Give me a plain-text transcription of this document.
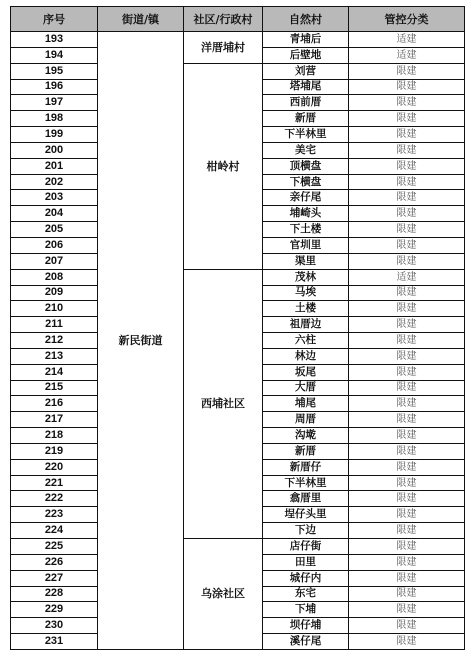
序号	街道/镇	社区/行政村	自然村	管控分类
193	新民街道	洋厝埔村	青埔后	适建
194			后壁地	适建
195		柑岭村	刘营	限建
196			塔埔尾	限建
197			西前厝	限建
198			新厝	限建
199			下半林里	限建
200			美宅	限建
201			顶横盘	限建
202			下横盘	限建
203			亲仔尾	限建
204			埔崎头	限建
205			下土楼	限建
206			官圳里	限建
207			渠里	限建
208		西埔社区	茂林	适建
209			马埃	限建
210			土楼	限建
211			祖厝边	限建
212			六柱	限建
213			林边	限建
214			坂尾	限建
215			大厝	限建
216			埔尾	限建
217			周厝	限建
218			沟墘	限建
219			新厝	限建
220			新厝仔	限建
221			下半林里	限建
222			翕厝里	限建
223			埕仔头里	限建
224			下边	限建
225		乌涂社区	店仔街	限建
226			田里	限建
227			城仔内	限建
228			东宅	限建
229			下埔	限建
230			坝仔埔	限建
231			溪仔尾	限建
